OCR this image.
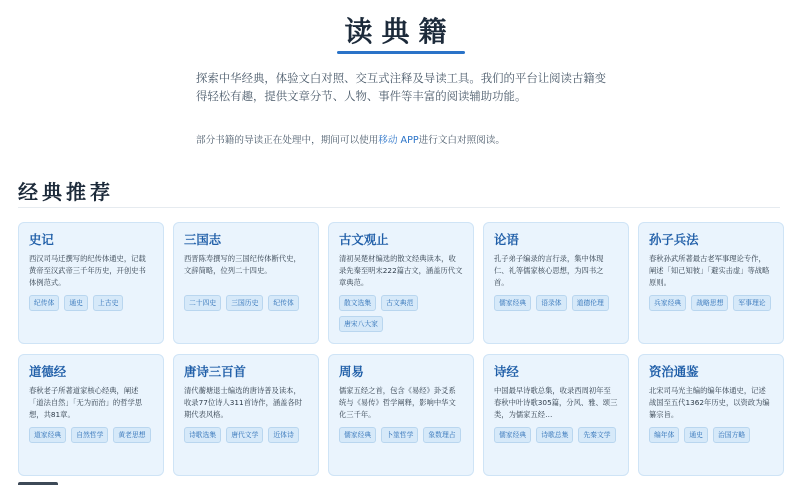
读典籍

探索中华经典，体验文白对照、交互式注释及导读工具。我们的平台让阅读古籍变得轻松有趣，提供文章分节、人物、事件等丰富的阅读辅助功能。

部分书籍的导读正在处理中，期间可以使用移动 APP进行文白对照阅读。

经典推荐
史记
西汉司马迁撰写的纪传体通史，记载黄帝至汉武帝三千年历史，开创史书体例范式。
纪传体	通史	上古史
三国志
西晋陈寿撰写的三国纪传体断代史，文辞简略，位列二十四史。
二十四史	三国历史	纪传体
古文观止
清初吴楚材编选的散文经典读本，收录先秦至明末222篇古文，涵盖历代文章典范。
散文选集	古文典范
唐宋八大家
论语
孔子弟子编录的言行录，集中体现仁、礼等儒家核心思想，为四书之首。
儒家经典	语录体	道德伦理
孙子兵法
春秋孙武所著最古老军事理论专作，阐述「知己知彼」「避实击虚」等战略原则。
兵家经典	战略思想	军事理论
道德经
春秋老子所著道家核心经典，阐述「道法自然」「无为而治」的哲学思想，共81章。
道家经典	自然哲学	黄老思想
唐诗三百首
清代蘅塘退士编选的唐诗普及读本，收录77位诗人311首诗作，涵盖各时期代表风格。
诗歌选集	唐代文学	近体诗
周易
儒家五经之首，包含《易经》卦爻系统与《易传》哲学阐释，影响中华文化三千年。
儒家经典	卜筮哲学	象数理占
诗经
中国最早诗歌总集，收录西周初年至春秋中叶诗歌305篇，分风、雅、颂三类，为儒家五经…
儒家经典	诗歌总集	先秦文学
资治通鉴
北宋司马光主编的编年体通史，记述战国至五代1362年历史，以资政为编纂宗旨。
编年体	通史	治国方略
